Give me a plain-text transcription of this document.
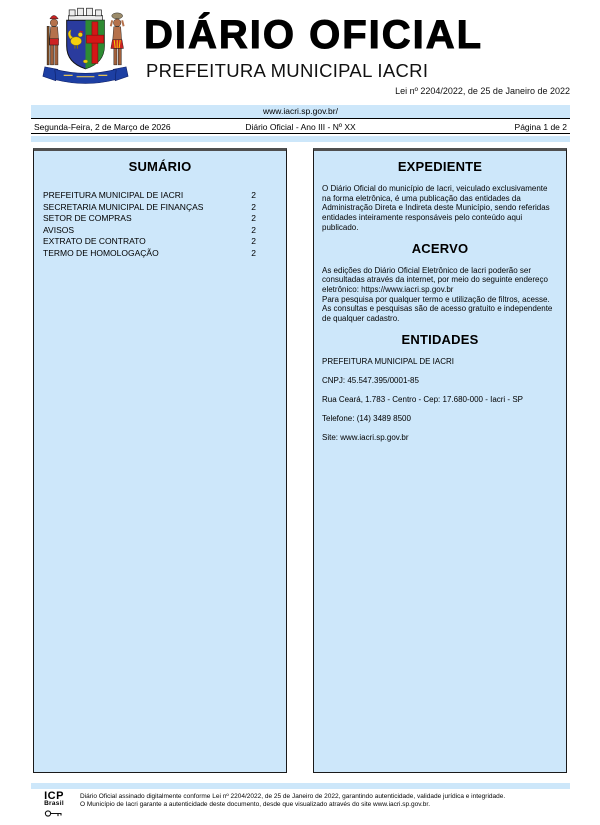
DIÁRIO OFICIAL
PREFEITURA MUNICIPAL IACRI
Lei nº 2204/2022, de 25 de Janeiro de 2022
www.iacri.sp.gov.br/
Segunda-Feira, 2 de Março de 2026	Diário Oficial - Ano III - Nº XX	Página 1 de 2
SUMÁRIO
PREFEITURA MUNICIPAL DE IACRI	2
SECRETARIA MUNICIPAL DE FINANÇAS	2
SETOR DE COMPRAS	2
AVISOS	2
EXTRATO DE CONTRATO	2
TERMO DE HOMOLOGAÇÃO	2
EXPEDIENTE

O Diário Oficial do município de Iacri, veiculado exclusivamente na forma eletrônica, é uma publicação das entidades da Administração Direta e Indireta deste Município, sendo referidas entidades inteiramente responsáveis pelo conteúdo aqui publicado.

ACERVO

As edições do Diário Oficial Eletrônico de Iacri poderão ser consultadas através da internet, por meio do seguinte endereço eletrônico: https://www.iacri.sp.gov.br

Para pesquisa por qualquer termo e utilização de filtros, acesse. As consultas e pesquisas são de acesso gratuito e independente de qualquer cadastro.

ENTIDADES

PREFEITURA MUNICIPAL DE IACRI

CNPJ: 45.547.395/0001-85

Rua Ceará, 1.783 - Centro - Cep: 17.680-000 - Iacri - SP

Telefone: (14) 3489 8500

Site: www.iacri.sp.gov.br

ICP
Brasil
Diário Oficial assinado digitalmente conforme Lei nº 2204/2022, de 25 de Janeiro de 2022, garantindo autenticidade, validade jurídica e integridade.
O Município de Iacri garante a autenticidade deste documento, desde que visualizado através do site www.iacri.sp.gov.br.
